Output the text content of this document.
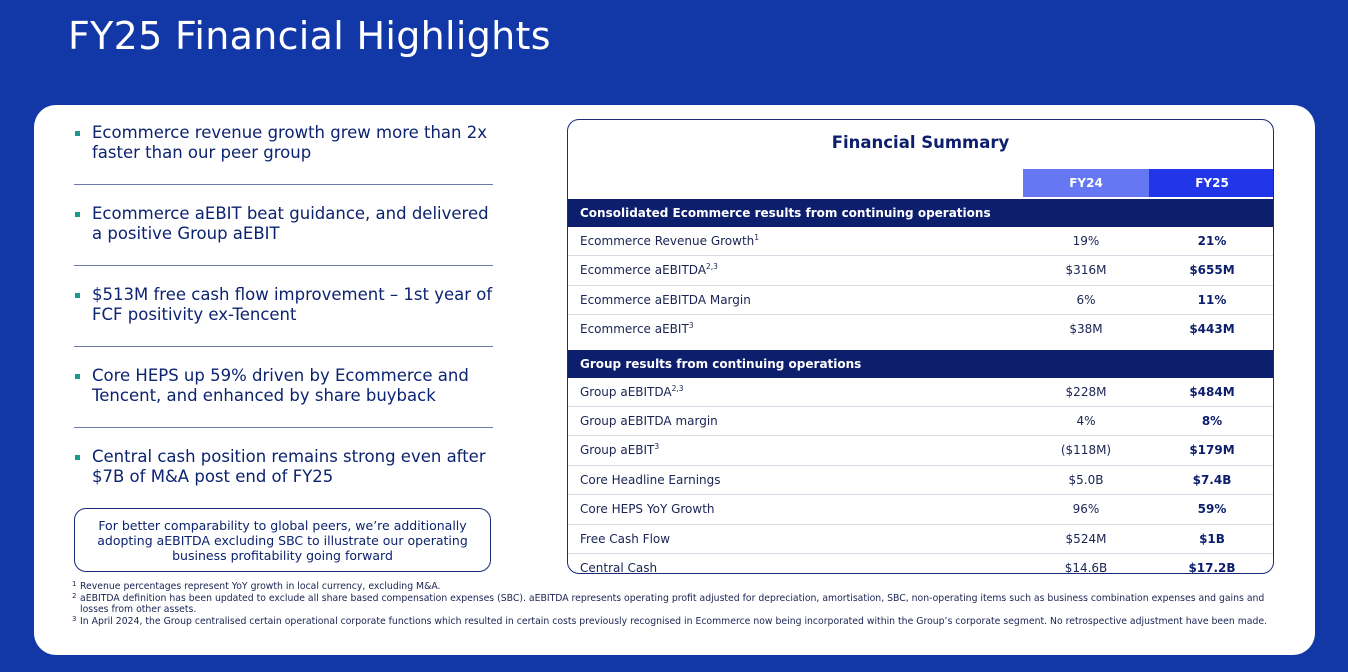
FY25 Financial Highlights
Ecommerce revenue growth grew more than 2x faster than our peer group
Ecommerce aEBIT beat guidance, and delivered a positive Group aEBIT
$513M free cash flow improvement – 1st year of FCF positivity ex-Tencent
Core HEPS up 59% driven by Ecommerce and Tencent, and enhanced by share buyback
Central cash position remains strong even after $7B of M&A post end of FY25
For better comparability to global peers, we’re additionally adopting aEBITDA excluding SBC to illustrate our operating business profitability going forward
Financial Summary
FY24	FY25
Consolidated Ecommerce results from continuing operations
Ecommerce Revenue Growth$^1$	19%	21%
Ecommerce aEBITDA$^{2,3}$	$316M	$655M
Ecommerce aEBITDA Margin	6%	11%
Ecommerce aEBIT$^3$	$38M	$443M
Group results from continuing operations
Group aEBITDA$^{2,3}$	$228M	$484M
Group aEBITDA margin	4%	8%
Group aEBIT$^3$	($118M)	$179M
Core Headline Earnings	$5.0B	$7.4B
Core HEPS YoY Growth	96%	59%
Free Cash Flow	$524M	$1B
Central Cash	$14.6B	$17.2B
1 Revenue percentages represent YoY growth in local currency, excluding M&A.
2 aEBITDA definition has been updated to exclude all share based compensation expenses (SBC). aEBITDA represents operating profit adjusted for depreciation, amortisation, SBC, non-operating items such as business combination expenses and gains and losses from other assets.
3 In April 2024, the Group centralised certain operational corporate functions which resulted in certain costs previously recognised in Ecommerce now being incorporated within the Group’s corporate segment. No retrospective adjustment have been made.
